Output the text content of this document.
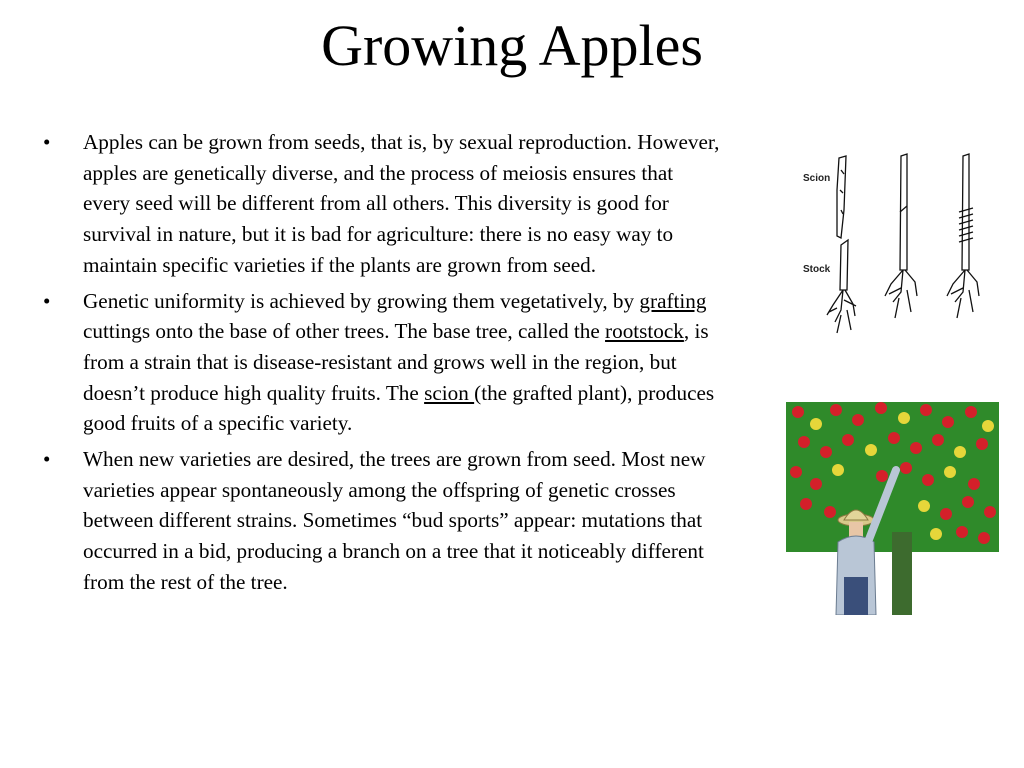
Growing Apples
• Apples can be grown from seeds, that is, by sexual reproduction. However, apples are genetically diverse, and the process of meiosis ensures that every seed will be different from all others. This diversity is good for survival in nature, but it is bad for agriculture: there is no easy way to maintain specific varieties if the plants are grown from seed.
• Genetic uniformity is achieved by growing them vegetatively, by grafting cuttings onto the base of other trees. The base tree, called the rootstock, is from a strain that is disease-resistant and grows well in the region, but doesn’t produce high quality fruits. The scion (the grafted plant), produces good fruits of a specific variety.
• When new varieties are desired, the trees are grown from seed. Most new varieties appear spontaneously among the offspring of genetic crosses between different strains. Sometimes “bud sports” appear: mutations that occurred in a bid, producing a branch on a tree that it noticeably different from the rest of the tree.
Scion
Stock
